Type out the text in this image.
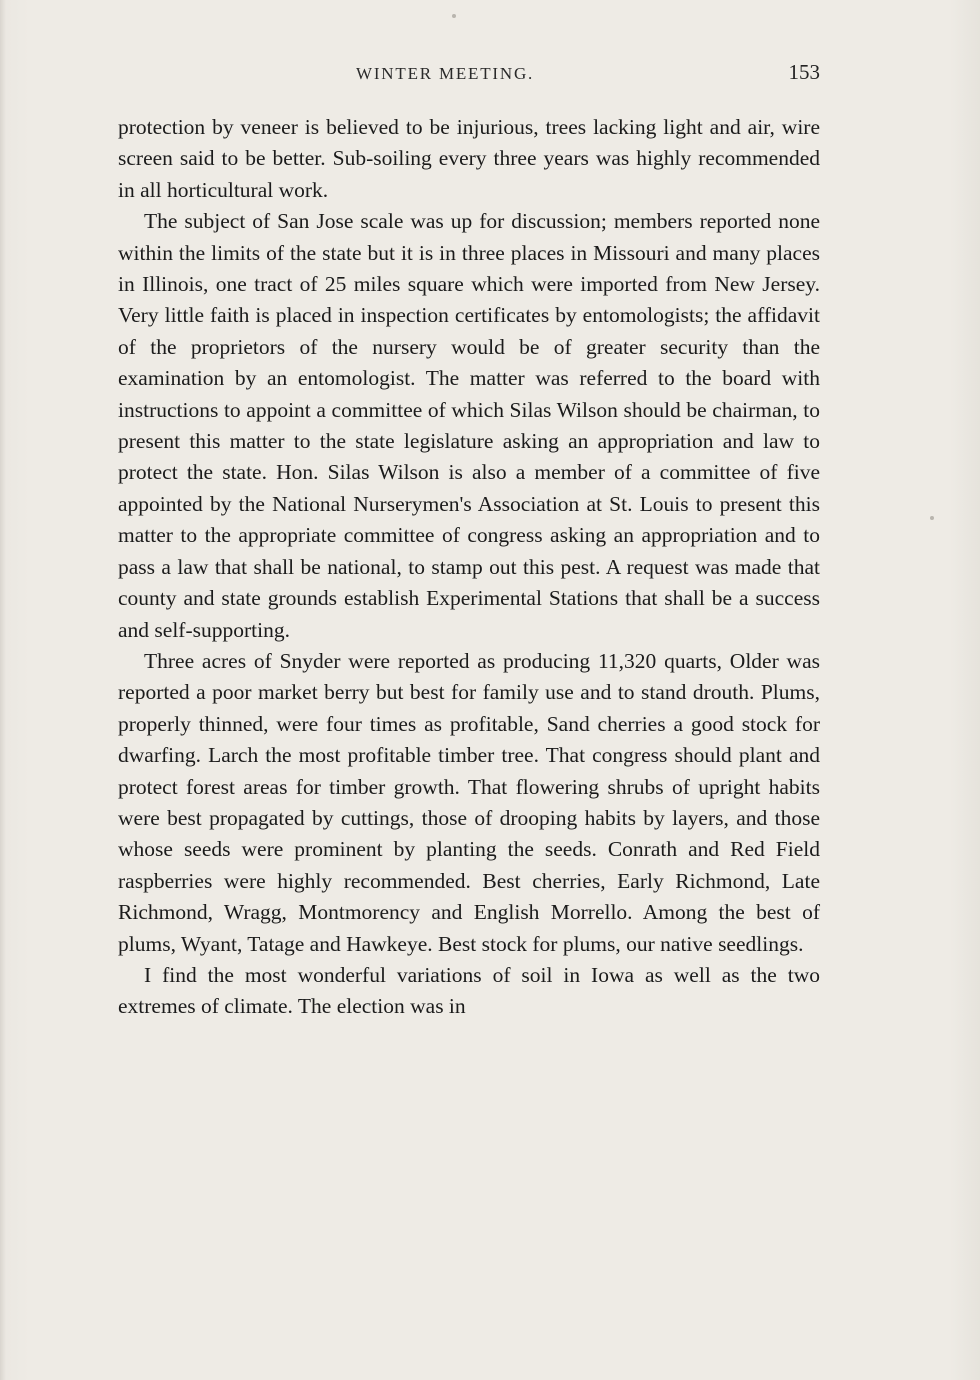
WINTER MEETING.	153

protection by veneer is believed to be injurious, trees lacking light and air, wire screen said to be better. Sub-soiling every three years was highly recommended in all horticultural work.

The subject of San Jose scale was up for discussion; members reported none within the limits of the state but it is in three places in Missouri and many places in Illinois, one tract of 25 miles square which were imported from New Jersey. Very little faith is placed in inspection certificates by entomologists; the affidavit of the proprietors of the nursery would be of greater security than the examination by an entomologist. The matter was referred to the board with instructions to appoint a committee of which Silas Wilson should be chairman, to present this matter to the state legislature asking an appropriation and law to protect the state. Hon. Silas Wilson is also a member of a committee of five appointed by the National Nurserymen's Association at St. Louis to present this matter to the appropriate committee of congress asking an appropriation and to pass a law that shall be national, to stamp out this pest. A request was made that county and state grounds establish Experimental Stations that shall be a success and self-supporting.

Three acres of Snyder were reported as producing 11,320 quarts, Older was reported a poor market berry but best for family use and to stand drouth. Plums, properly thinned, were four times as profitable, Sand cherries a good stock for dwarfing. Larch the most profitable timber tree. That congress should plant and protect forest areas for timber growth. That flowering shrubs of upright habits were best propagated by cuttings, those of drooping habits by layers, and those whose seeds were prominent by planting the seeds. Conrath and Red Field raspberries were highly recommended. Best cherries, Early Richmond, Late Richmond, Wragg, Montmorency and English Morrello. Among the best of plums, Wyant, Tatage and Hawkeye. Best stock for plums, our native seedlings.

I find the most wonderful variations of soil in Iowa as well as the two extremes of climate. The election was in
